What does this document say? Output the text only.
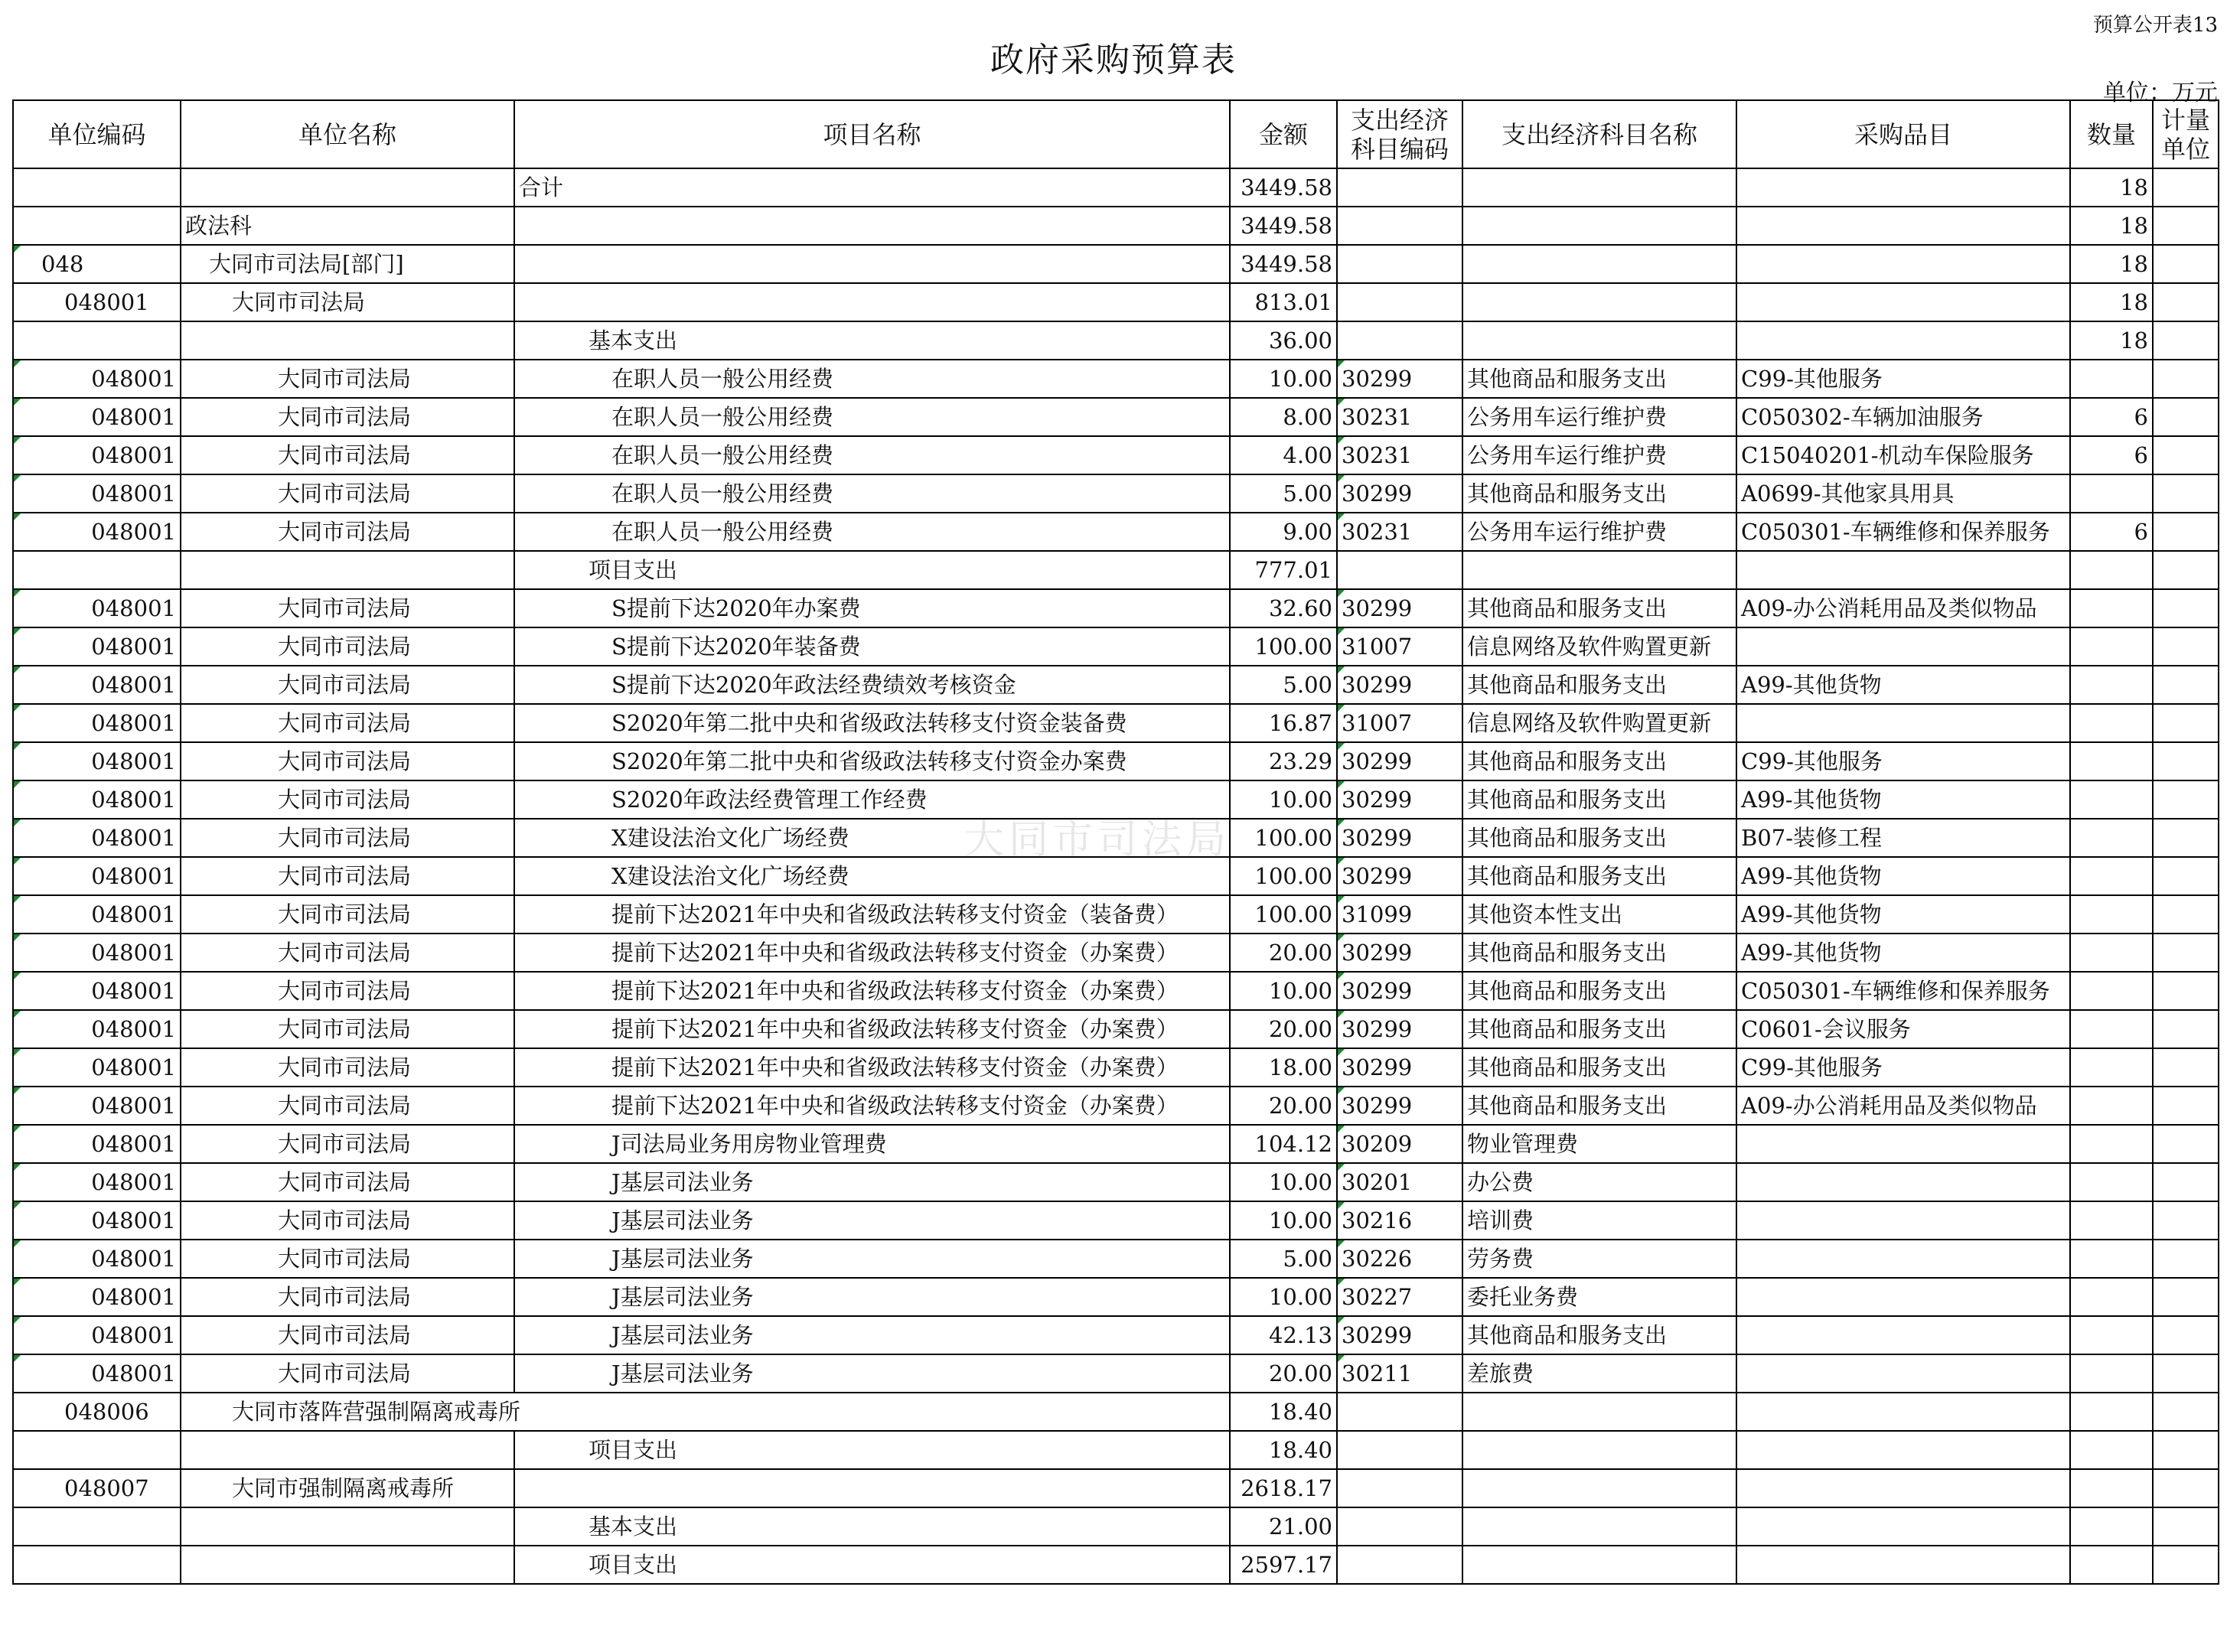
预算公开表13
政府采购预算表
单位：万元
单位编码	单位名称	项目名称	金额	支出经济科目编码	支出经济科目名称	采购品目	数量	计量单位
		合计	3449.58				18	
	政法科		3449.58				18	
048	大同市司法局[部门]		3449.58				18	
048001	大同市司法局		813.01				18	
		基本支出	36.00				18	
048001	大同市司法局	在职人员一般公用经费	10.00	30299	其他商品和服务支出	C99-其他服务		
048001	大同市司法局	在职人员一般公用经费	8.00	30231	公务用车运行维护费	C050302-车辆加油服务	6	
048001	大同市司法局	在职人员一般公用经费	4.00	30231	公务用车运行维护费	C15040201-机动车保险服务	6	
048001	大同市司法局	在职人员一般公用经费	5.00	30299	其他商品和服务支出	A0699-其他家具用具		
048001	大同市司法局	在职人员一般公用经费	9.00	30231	公务用车运行维护费	C050301-车辆维修和保养服务	6	
		项目支出	777.01					
048001	大同市司法局	S提前下达2020年办案费	32.60	30299	其他商品和服务支出	A09-办公消耗用品及类似物品		
048001	大同市司法局	S提前下达2020年装备费	100.00	31007	信息网络及软件购置更新			
048001	大同市司法局	S提前下达2020年政法经费绩效考核资金	5.00	30299	其他商品和服务支出	A99-其他货物		
048001	大同市司法局	S2020年第二批中央和省级政法转移支付资金装备费	16.87	31007	信息网络及软件购置更新			
048001	大同市司法局	S2020年第二批中央和省级政法转移支付资金办案费	23.29	30299	其他商品和服务支出	C99-其他服务		
048001	大同市司法局	S2020年政法经费管理工作经费	10.00	30299	其他商品和服务支出	A99-其他货物		
048001	大同市司法局	X建设法治文化广场经费	100.00	30299	其他商品和服务支出	B07-装修工程		
048001	大同市司法局	X建设法治文化广场经费	100.00	30299	其他商品和服务支出	A99-其他货物		
048001	大同市司法局	提前下达2021年中央和省级政法转移支付资金（装备费）	100.00	31099	其他资本性支出	A99-其他货物		
048001	大同市司法局	提前下达2021年中央和省级政法转移支付资金（办案费）	20.00	30299	其他商品和服务支出	A99-其他货物		
048001	大同市司法局	提前下达2021年中央和省级政法转移支付资金（办案费）	10.00	30299	其他商品和服务支出	C050301-车辆维修和保养服务		
048001	大同市司法局	提前下达2021年中央和省级政法转移支付资金（办案费）	20.00	30299	其他商品和服务支出	C0601-会议服务		
048001	大同市司法局	提前下达2021年中央和省级政法转移支付资金（办案费）	18.00	30299	其他商品和服务支出	C99-其他服务		
048001	大同市司法局	提前下达2021年中央和省级政法转移支付资金（办案费）	20.00	30299	其他商品和服务支出	A09-办公消耗用品及类似物品		
048001	大同市司法局	J司法局业务用房物业管理费	104.12	30209	物业管理费			
048001	大同市司法局	J基层司法业务	10.00	30201	办公费			
048001	大同市司法局	J基层司法业务	10.00	30216	培训费			
048001	大同市司法局	J基层司法业务	5.00	30226	劳务费			
048001	大同市司法局	J基层司法业务	10.00	30227	委托业务费			
048001	大同市司法局	J基层司法业务	42.13	30299	其他商品和服务支出			
048001	大同市司法局	J基层司法业务	20.00	30211	差旅费			
048006	大同市落阵营强制隔离戒毒所		18.40					
		项目支出	18.40					
048007	大同市强制隔离戒毒所		2618.17					
		基本支出	21.00					
		项目支出	2597.17					
大同市司法局
